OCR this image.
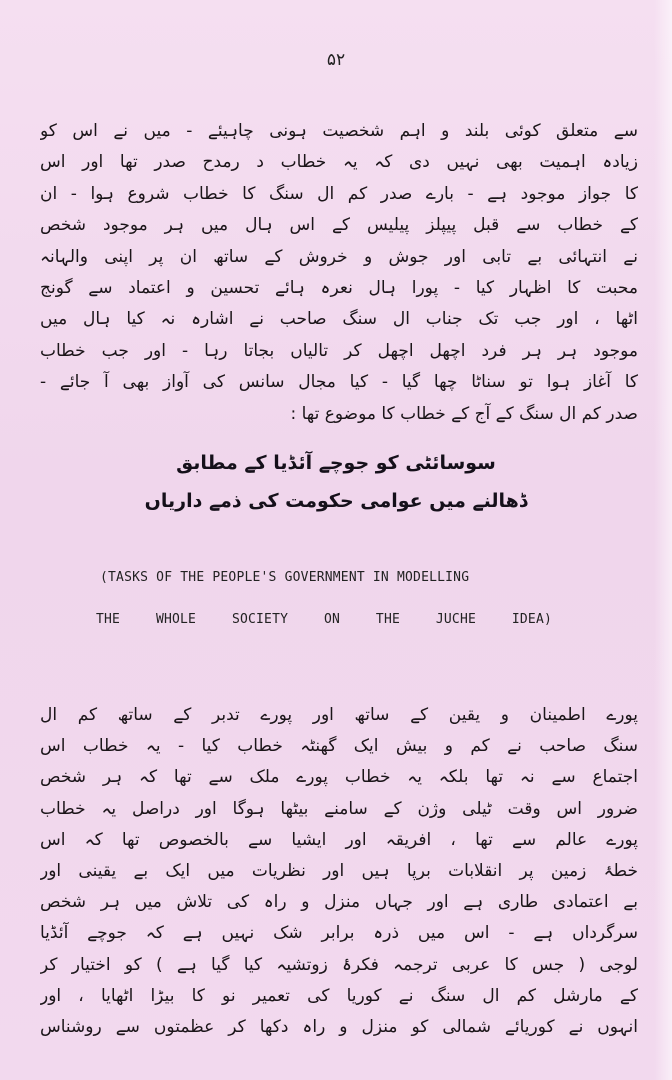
۵۲
سے متعلق کوئی بلند و اہم شخصیت ہونی چاہیئے - میں نے اس کو
زیادہ اہمیت بھی نہیں دی کہ یہ خطاب د رمدح صدر تھا اور اس
کا جواز موجود ہے - بارے صدر کم ال سنگ کا خطاب شروع ہوا - ان
کے خطاب سے قبل پیپلز پیلیس کے اس ہال میں ہر موجود شخص
نے انتہائی بے تابی اور جوش و خروش کے ساتھ ان پر اپنی والہانہ
محبت کا اظہار کیا - پورا ہال نعرہ ہائے تحسین و اعتماد سے گونج
اٹھا ، اور جب تک جناب ال سنگ صاحب نے اشارہ نہ کیا ہال میں
موجود ہر ہر فرد اچھل اچھل کر تالیاں بجاتا رہا - اور جب خطاب
کا آغاز ہوا تو سناٹا چھا گیا - کیا مجال سانس کی آواز بھی آ جائے -
صدر کم ال سنگ کے آج کے خطاب کا موضوع تھا :
سوسائٹی کو جوچے آئڈیا کے مطابق
ڈھالنے میں عوامی حکومت کی ذمے داریاں
(TASKS OF THE PEOPLE'S GOVERNMENT IN MODELLING
THE WHOLE SOCIETY ON THE JUCHE IDEA)
پورے اطمینان و یقین کے ساتھ اور پورے تدبر کے ساتھ کم ال
سنگ صاحب نے کم و بیش ایک گھنٹہ خطاب کیا - یہ خطاب اس
اجتماع سے نہ تھا بلکہ یہ خطاب پورے ملک سے تھا کہ ہر شخص
ضرور اس وقت ٹیلی وژن کے سامنے بیٹھا ہوگا اور دراصل یہ خطاب
پورے عالم سے تھا ، افریقہ اور ایشیا سے بالخصوص تھا کہ اس
خطۂ زمین پر انقلابات برپا ہیں اور نظریات میں ایک بے یقینی اور
بے اعتمادی طاری ہے اور جہاں منزل و راہ کی تلاش میں ہر شخص
سرگرداں ہے - اس میں ذرہ برابر شک نہیں ہے کہ جوچے آئڈیا
لوجی ( جس کا عربی ترجمہ فکرۂ زوتشیہ کیا گیا ہے ) کو اختیار کر
کے مارشل کم ال سنگ نے کوریا کی تعمیر نو کا بیڑا اٹھایا ، اور
انہوں نے کوریائے شمالی کو منزل و راہ دکھا کر عظمتوں سے روشناس
